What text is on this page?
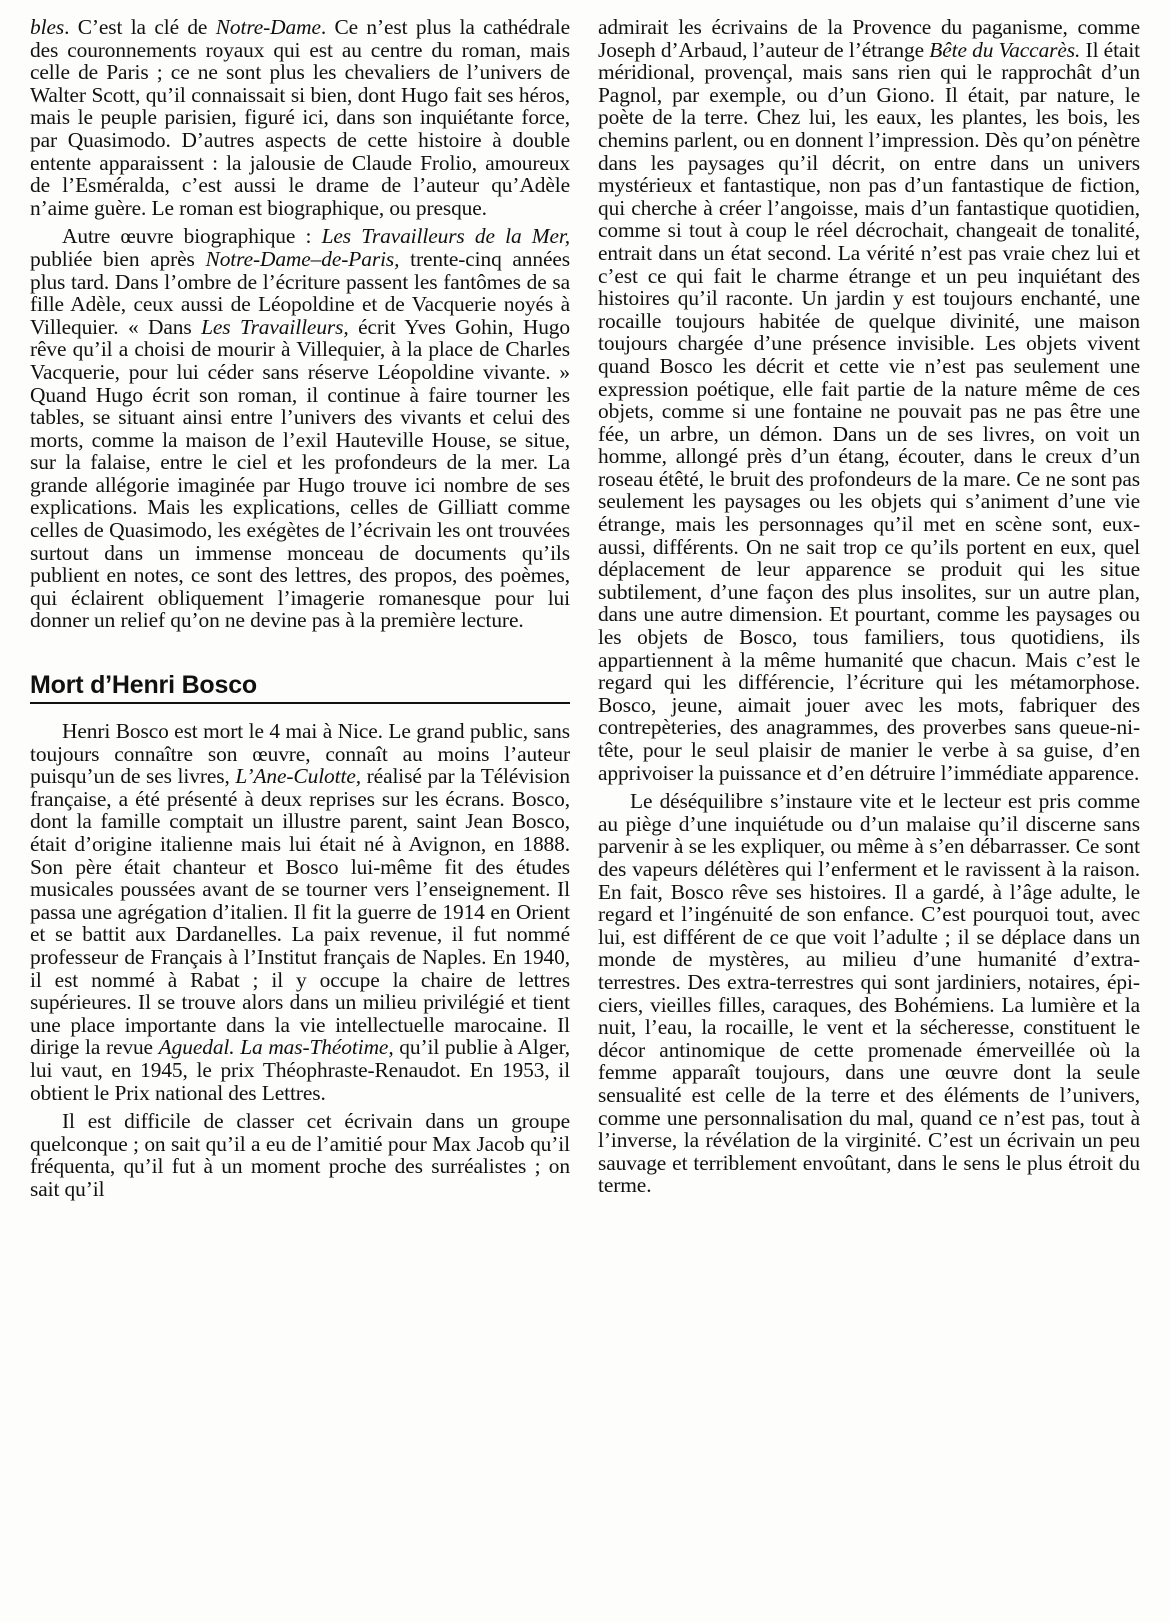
bles. C’est la clé de Notre-Dame. Ce n’est plus la cathédrale des couronnements royaux qui est au centre du roman, mais celle de Paris ; ce ne sont plus les chevaliers de l’univers de Walter Scott, qu’il connaissait si bien, dont Hugo fait ses héros, mais le peuple parisien, figuré ici, dans son inquiétante force, par Quasimodo. D’autres aspects de cette histoire à double entente apparaissent : la jalousie de Claude Frolio, amoureux de l’Esméralda, c’est aussi le drame de l’auteur qu’Adèle n’aime guère. Le roman est biographique, ou presque.

Autre œuvre biographique : Les Travailleurs de la Mer, publiée bien après Notre-Dame–de-Paris, trente-cinq années plus tard. Dans l’ombre de l’écriture passent les fantômes de sa fille Adèle, ceux aussi de Léopoldine et de Vacquerie noyés à Villequier. « Dans Les Travailleurs, écrit Yves Gohin, Hugo rêve qu’il a choisi de mourir à Villequier, à la place de Charles Vacquerie, pour lui céder sans réserve Léopoldine vivante. » Quand Hugo écrit son roman, il continue à faire tourner les tables, se situant ainsi entre l’univers des vivants et celui des morts, comme la maison de l’exil Hauteville House, se situe, sur la falaise, entre le ciel et les profondeurs de la mer. La grande allégorie imaginée par Hugo trouve ici nombre de ses explications. Mais les explications, celles de Gilliatt comme celles de Quasimodo, les exégètes de l’écrivain les ont trouvées surtout dans un immense monceau de documents qu’ils publient en notes, ce sont des lettres, des propos, des poèmes, qui éclairent obliquement l’imagerie romanesque pour lui donner un relief qu’on ne devine pas à la première lecture.

Mort d’Henri Bosco

Henri Bosco est mort le 4 mai à Nice. Le grand public, sans toujours connaître son œuvre, connaît au moins l’auteur puisqu’un de ses livres, L’Ane-Culotte, réalisé par la Télévision française, a été présenté à deux reprises sur les écrans. Bosco, dont la famille comptait un illustre parent, saint Jean Bosco, était d’origine italienne mais lui était né à Avignon, en 1888. Son père était chanteur et Bosco lui-même fit des études musicales poussées avant de se tourner vers l’enseignement. Il passa une agrégation d’italien. Il fit la guerre de 1914 en Orient et se battit aux Dardanelles. La paix revenue, il fut nommé professeur de Français à l’Institut français de Naples. En 1940, il est nommé à Rabat ; il y occupe la chaire de lettres supérieures. Il se trouve alors dans un milieu privilégié et tient une place importante dans la vie intellectuelle marocaine. Il dirige la revue Aguedal. La mas-Théotime, qu’il publie à Alger, lui vaut, en 1945, le prix Théophraste-Renaudot. En 1953, il obtient le Prix national des Lettres.

Il est difficile de classer cet écrivain dans un groupe quelconque ; on sait qu’il a eu de l’amitié pour Max Jacob qu’il fréquenta, qu’il fut à un moment proche des surréalistes ; on sait qu’il

admirait les écrivains de la Provence du paganisme, comme Joseph d’Arbaud, l’auteur de l’étrange Bête du Vaccarès. Il était méridional, provençal, mais sans rien qui le rapprochât d’un Pagnol, par exemple, ou d’un Giono. Il était, par nature, le poète de la terre. Chez lui, les eaux, les plantes, les bois, les chemins parlent, ou en donnent l’impression. Dès qu’on pénètre dans les paysages qu’il décrit, on entre dans un univers mystérieux et fantastique, non pas d’un fantastique de fiction, qui cherche à créer l’angoisse, mais d’un fantastique quotidien, comme si tout à coup le réel décrochait, changeait de tonalité, entrait dans un état second. La vérité n’est pas vraie chez lui et c’est ce qui fait le charme étrange et un peu inquiétant des histoires qu’il raconte. Un jardin y est toujours enchanté, une rocaille toujours habitée de quelque divinité, une maison toujours chargée d’une présence invisible. Les objets vivent quand Bosco les décrit et cette vie n’est pas seulement une expression poétique, elle fait partie de la nature même de ces objets, comme si une fontaine ne pouvait pas ne pas être une fée, un arbre, un démon. Dans un de ses livres, on voit un homme, allongé près d’un étang, écouter, dans le creux d’un roseau étêté, le bruit des profondeurs de la mare. Ce ne sont pas seulement les paysages ou les objets qui s’animent d’une vie étrange, mais les personnages qu’il met en scène sont, eux-aussi, différents. On ne sait trop ce qu’ils portent en eux, quel déplacement de leur apparence se produit qui les situe subtilement, d’une façon des plus insolites, sur un autre plan, dans une autre dimension. Et pourtant, comme les paysages ou les objets de Bosco, tous familiers, tous quotidiens, ils appartiennent à la même humanité que chacun. Mais c’est le regard qui les différencie, l’écriture qui les métamorphose. Bosco, jeune, aimait jouer avec les mots, fabriquer des contrepèteries, des anagrammes, des proverbes sans queue-ni-tête, pour le seul plaisir de manier le verbe à sa guise, d’en apprivoiser la puissance et d’en détruire l’immédiate apparence.

Le déséquilibre s’instaure vite et le lecteur est pris comme au piège d’une inquiétude ou d’un malaise qu’il discerne sans parvenir à se les expliquer, ou même à s’en débarrasser. Ce sont des vapeurs délétères qui l’enferment et le ravissent à la raison. En fait, Bosco rêve ses histoires. Il a gardé, à l’âge adulte, le regard et l’ingénuité de son enfance. C’est pourquoi tout, avec lui, est différent de ce que voit l’adulte ; il se déplace dans un monde de mystères, au milieu d’une humanité d’extra-terrestres. Des extra-terrestres qui sont jardiniers, notaires, épiciers, vieilles filles, caraques, des Bohémiens. La lumière et la nuit, l’eau, la rocaille, le vent et la sécheresse, constituent le décor antinomique de cette promenade émerveillée où la femme apparaît toujours, dans une œuvre dont la seule sensualité est celle de la terre et des éléments de l’univers, comme une personnalisation du mal, quand ce n’est pas, tout à l’inverse, la révélation de la virginité. C’est un écrivain un peu sauvage et terriblement envoûtant, dans le sens le plus étroit du terme.
